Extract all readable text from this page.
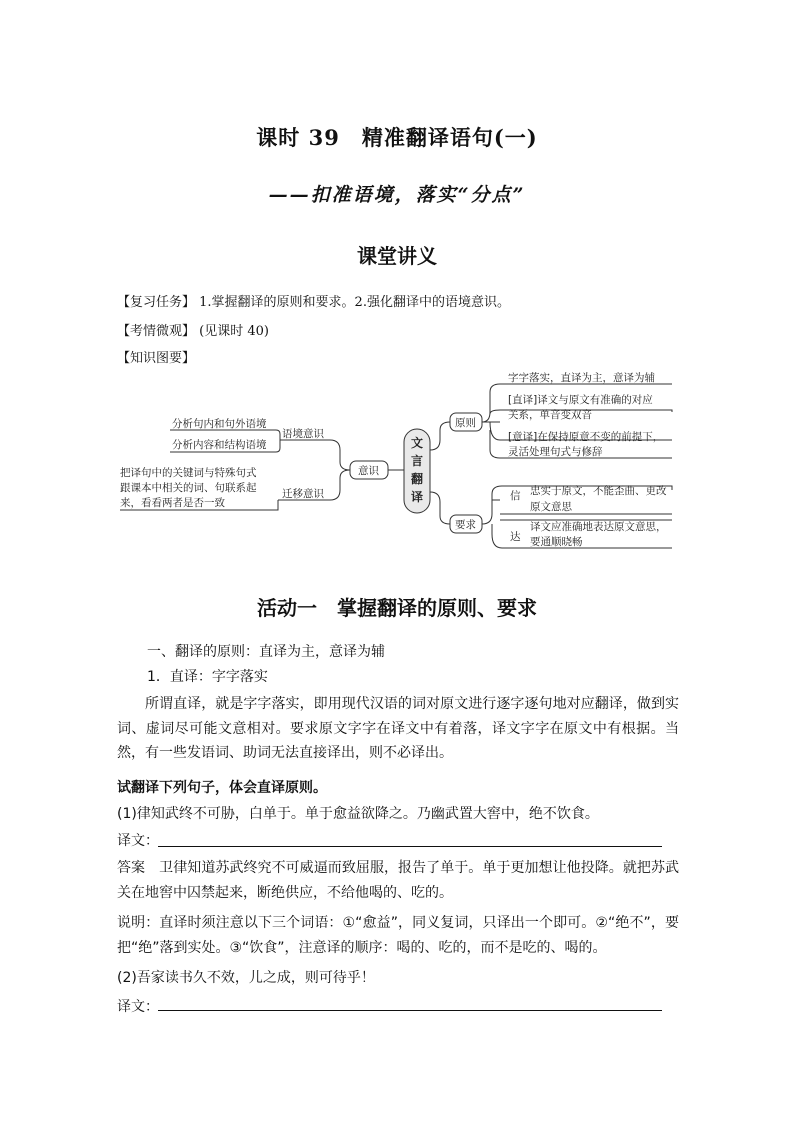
课时 39　精准翻译语句(一)
——扣准语境，落实“分点”
课堂讲义
【复习任务】 1.掌握翻译的原则和要求。2.强化翻译中的语境意识。
【考情微观】 (见课时 40)
【知识图要】
分析句内和句外语境
分析内容和结构语境
语境意识
把译句中的关键词与特殊句式
跟课本中相关的词、句联系起
来，看看两者是否一致
迁移意识
意识
文
言
翻
译
原则
要求
字字落实，直译为主，意译为辅
[直译]译文与原文有准确的对应
关系，单音变双音
[意译]在保持原意不变的前提下，
灵活处理句式与修辞
信
达
忠实于原文，不能歪曲、更改
原文意思
译文应准确地表达原文意思，
要通顺晓畅
活动一　掌握翻译的原则、要求
一、翻译的原则：直译为主，意译为辅
1．直译：字字落实
所谓直译，就是字字落实，即用现代汉语的词对原文进行逐字逐句地对应翻译，做到实词、虚词尽可能文意相对。要求原文字字在译文中有着落，译文字字在原文中有根据。当然，有一些发语词、助词无法直接译出，则不必译出。
试翻译下列句子，体会直译原则。
(1)律知武终不可胁，白单于。单于愈益欲降之。乃幽武置大窖中，绝不饮食。
译文：
答案　 卫律知道苏武终究不可威逼而致屈服，报告了单于。单于更加想让他投降。就把苏武关在地窖中囚禁起来，断绝供应，不给他喝的、吃的。
说明：直译时须注意以下三个词语：①“愈益”，同义复词，只译出一个即可。②“绝不”，要把“绝”落到实处。③“饮食”，注意译的顺序：喝的、吃的，而不是吃的、喝的。
(2)吾家读书久不效，儿之成，则可待乎！
译文：
